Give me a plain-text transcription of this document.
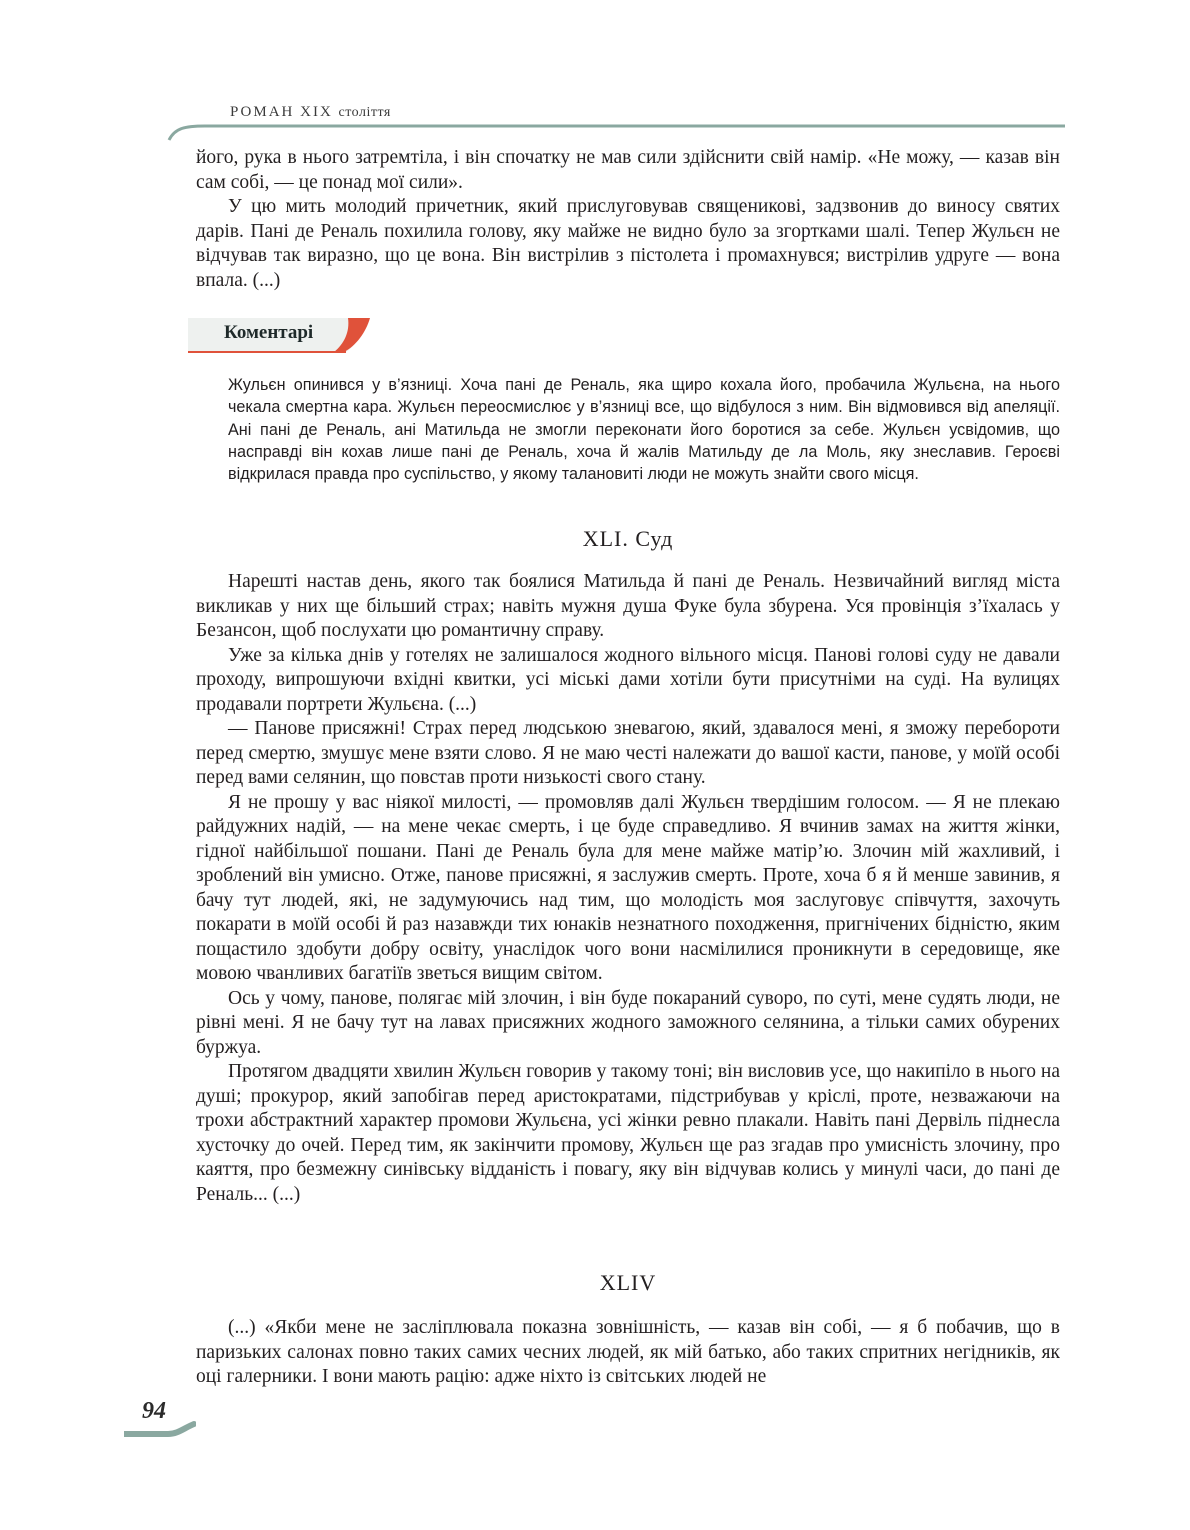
РОМАН XIX століття

його, рука в нього затремтіла, і він спочатку не мав сили здійснити свій намір. «Не можу, — казав він сам собі, — це понад мої сили».

У цю мить молодий причетник, який прислуговував священикові, задзвонив до виносу святих дарів. Пані де Реналь похилила голову, яку майже не видно було за згортками шалі. Тепер Жульєн не відчував так виразно, що це вона. Він вистрілив з пістолета і промахнувся; вистрілив удруге — вона впала. (...)

Коментарі
Жульєн опинився у в’язниці. Хоча пані де Реналь, яка щиро кохала його, пробачила Жульєна, на нього чекала смертна кара. Жульєн переосмислює у в’язниці все, що відбулося з ним. Він відмовився від апеляції. Ані пані де Реналь, ані Матильда не змогли переконати його боротися за себе. Жульєн усвідомив, що насправді він кохав лише пані де Реналь, хоча й жалів Матильду де ла Моль, яку знеславив. Героєві відкрилася правда про суспільство, у якому талановиті люди не можуть знайти свого місця.
XLI. Суд

Нарешті настав день, якого так боялися Матильда й пані де Реналь. Незвичайний вигляд міста викликав у них ще більший страх; навіть мужня душа Фуке була збурена. Уся провінція з’їхалась у Безансон, щоб послухати цю романтичну справу.

Уже за кілька днів у готелях не залишалося жодного вільного місця. Панові голові суду не давали проходу, випрошуючи вхідні квитки, усі міські дами хотіли бути присутніми на суді. На вулицях продавали портрети Жульєна. (...)

— Панове присяжні! Страх перед людською зневагою, який, здавалося мені, я зможу перебороти перед смертю, змушує мене взяти слово. Я не маю честі належати до вашої касти, панове, у моїй особі перед вами селянин, що повстав проти низькості свого стану.

Я не прошу у вас ніякої милості, — промовляв далі Жульєн твердішим голосом. — Я не плекаю райдужних надій, — на мене чекає смерть, і це буде справедливо. Я вчинив замах на життя жінки, гідної найбільшої пошани. Пані де Реналь була для мене майже матір’ю. Злочин мій жахливий, і зроблений він умисно. Отже, панове присяжні, я заслужив смерть. Проте, хоча б я й менше завинив, я бачу тут людей, які, не задумуючись над тим, що молодість моя заслуговує співчуття, захочуть покарати в моїй особі й раз назавжди тих юнаків незнатного походження, пригнічених бідністю, яким пощастило здобути добру освіту, унаслідок чого вони насмілилися проникнути в середовище, яке мовою чванливих багатіїв зветься вищим світом.

Ось у чому, панове, полягає мій злочин, і він буде покараний суворо, по суті, мене судять люди, не рівні мені. Я не бачу тут на лавах присяжних жодного заможного селянина, а тільки самих обурених буржуа.

Протягом двадцяти хвилин Жульєн говорив у такому тоні; він висловив усе, що накипіло в нього на душі; прокурор, який запобігав перед аристократами, підстрибував у кріслі, проте, незважаючи на трохи абстрактний характер промови Жульєна, усі жінки ревно плакали. Навіть пані Дервіль піднесла хусточку до очей. Перед тим, як закінчити промову, Жульєн ще раз згадав про умисність злочину, про каяття, про безмежну синівську відданість і повагу, яку він відчував колись у минулі часи, до пані де Реналь... (...)

XLIV

(...) «Якби мене не засліплювала показна зовнішність, — казав він собі, — я б побачив, що в паризьких салонах повно таких самих чесних людей, як мій батько, або таких спритних негідників, як оці галерники. І вони мають рацію: адже ніхто із світських людей не

94
